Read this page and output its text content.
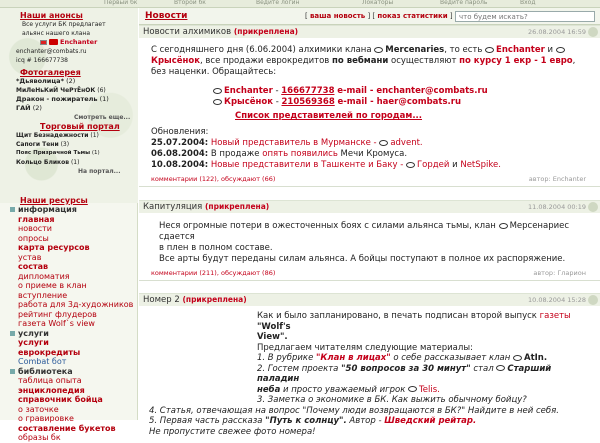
Первый бк	Второй бк	Ведите логин	Локаторы	Ведите пароль	Вход
Наши анонсы
Все услуги БК предлагает
альянс нашего клана
Enchanter
enchanter@combats.ru
icq # 166677738
Фотогалерея
*Дьяволица* (2)
МиЛеНьКиЙ ЧеРтЁнОК (6)
Дракон - пожиратель (1)
ГАЙ (2)
Смотреть еще...
Торговый портал
Щит Безнадежности (1)
Сапоги Тени (3)
Пояс Призрачной Тьмы (1)
Кольцо Бликов (1)
На портал...
Наши ресурсы
информация
главная
новости
опросы
карта ресурсов
устав
состав
дипломатия
о приеме в клан
вступление
работа для 3д-художников
рейтинг флудеров
газета Wolf`s view
услуги
услуги
еврокредиты
Combat бот
библиотека
таблица опыта
энциклопедия
справочник бойца
о заточке
о гравировке
составление букетов
образы бк
Новости	[ ваша новость ] [ показ статистики ]
что будем искать?
Новости алхимиков (прикреплена)	26.08.2004 16:59
С сегодняшнего дня (6.06.2004) алхимики клана Mercenaries, то есть Enchanter и Крысёнок, все продажи еврокредитов по вебмани осуществляют по курсу 1 екр - 1 евро, без наценки. Обращайтесь:
Enchanter - 166677738 e-mail - enchanter@combats.ru
Крысёнок - 210569368 e-mail - haer@combats.ru
Список представителей по городам...
Обновления:
25.07.2004: Новый представитель в Мурманске - advent.
06.08.2004: В продаже опять появились Мечи Кромуса.
10.08.2004: Новые представители в Ташкенте и Баку - Гордей и NetSpike.
комментарии (122), обсуждают (66)	автор: Enchanter
Капитуляция (прикреплена)	11.08.2004 00:19
Неся огромные потери в ожесточенных боях с силами альянса тьмы, клан Мерсенариес сдается
в плен в полном составе.
Все арты будут переданы силам альянса. А бойцы поступают в полное их распоряжение.
комментарии (211), обсуждают (86)	автор: Гларион
Номер 2 (прикреплена)	10.08.2004 15:28
Как и было запланировано, в печать подписан второй выпуск газеты "Wolf's
View".
Предлагаем читателям следующие материалы:
1. В рубрике "Клан в лицах" о себе рассказывает клан AtIn.
2. Гостем проекта "50 вопросов за 30 минут" стал Старший паладин
неба и просто уважаемый игрок Telis.
3. Заметка о экономике в БК. Как выжить обычному бойцу?
4. Статья, отвечающая на вопрос "Почему люди возвращаются в БК?" Найдите в ней себя.
5. Первая часть рассказа "Путь к солнцу". Автор - Шведский рейтар.
Не пропустите свежее фото номера!
